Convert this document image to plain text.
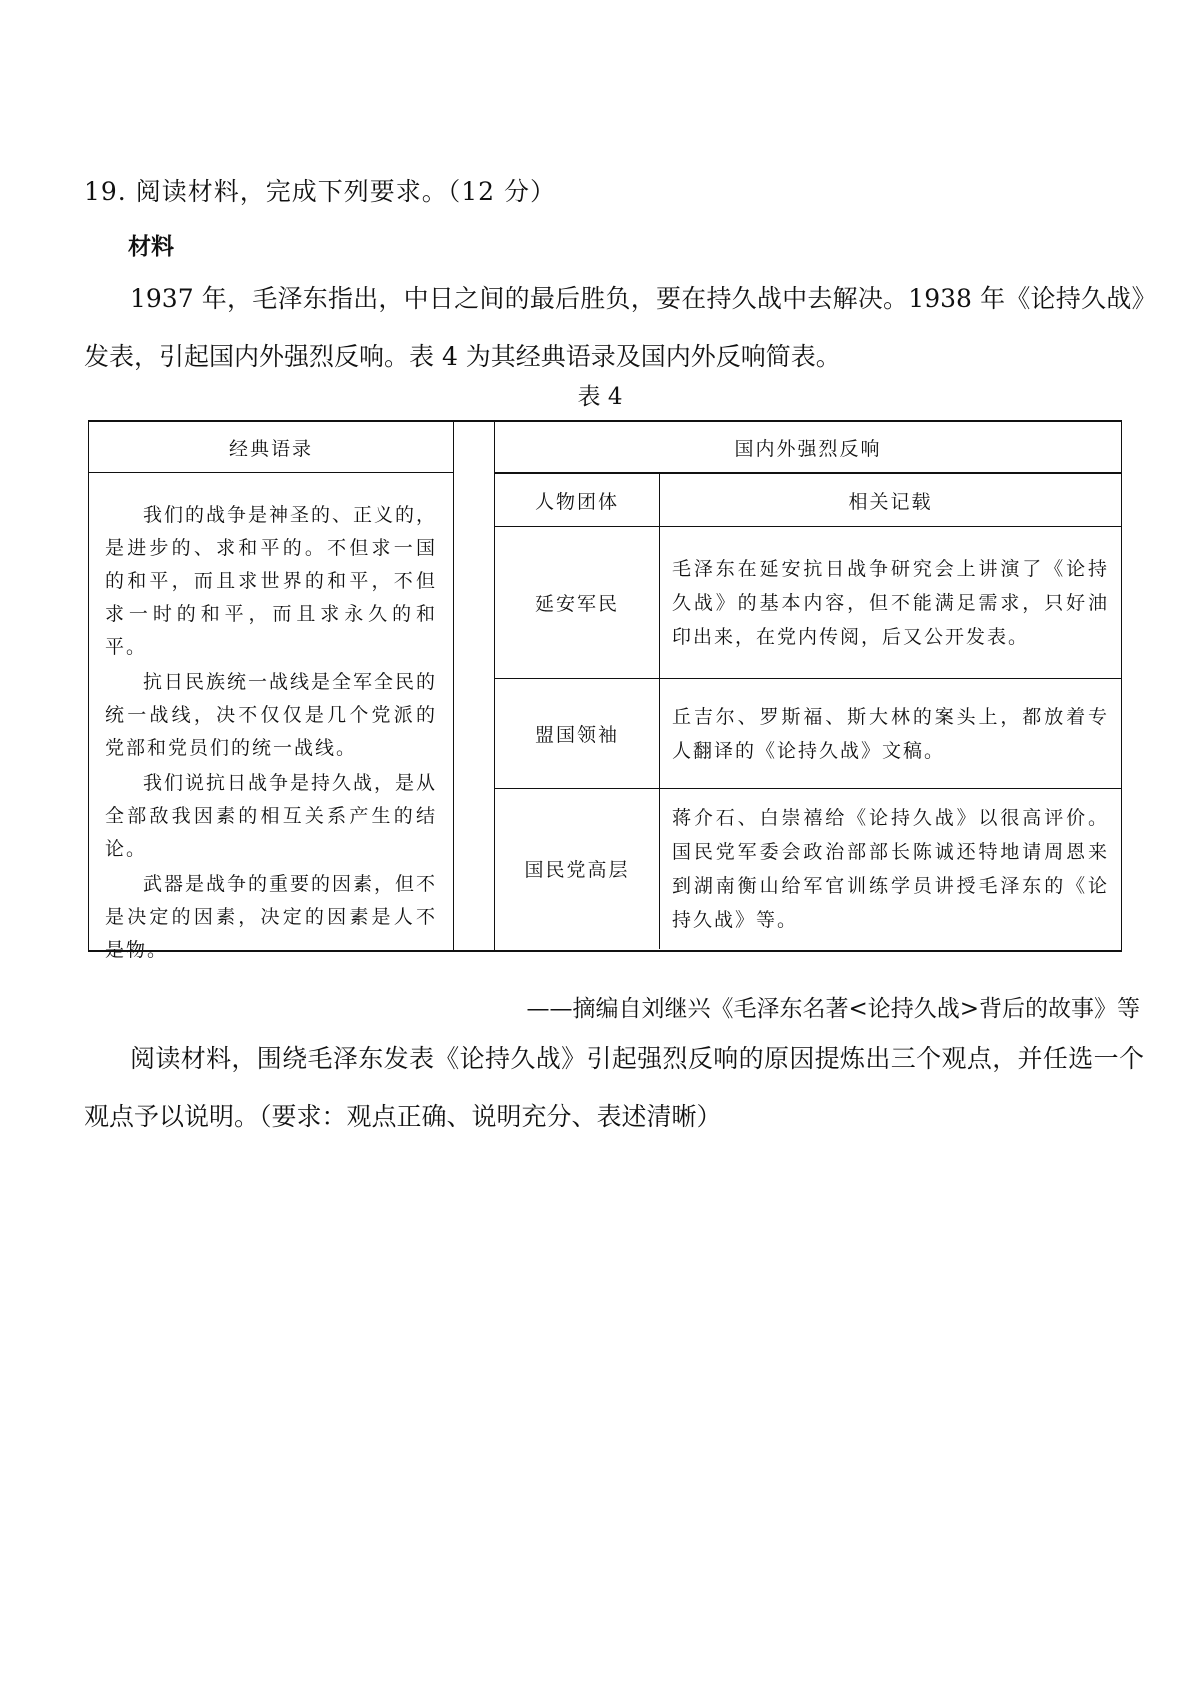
19. 阅读材料，完成下列要求。（12 分）
材料
1937 年，毛泽东指出，中日之间的最后胜负，要在持久战中去解决。1938 年《论持久战》发表，引起国内外强烈反响。表 4 为其经典语录及国内外反响简表。
表 4
经典语录

我们的战争是神圣的、正义的，是进步的、求和平的。不但求一国的和平，而且求世界的和平，不但求一时的和平，而且求永久的和平。

抗日民族统一战线是全军全民的统一战线，决不仅仅是几个党派的党部和党员们的统一战线。

我们说抗日战争是持久战，是从全部敌我因素的相互关系产生的结论。

武器是战争的重要的因素，但不是决定的因素，决定的因素是人不是物。

国内外强烈反响
人物团体	相关记载
延安军民	毛泽东在延安抗日战争研究会上讲演了《论持久战》的基本内容，但不能满足需求，只好油印出来，在党内传阅，后又公开发表。
盟国领袖	丘吉尔、罗斯福、斯大林的案头上，都放着专人翻译的《论持久战》文稿。
国民党高层	蒋介石、白崇禧给《论持久战》以很高评价。国民党军委会政治部部长陈诚还特地请周恩来到湖南衡山给军官训练学员讲授毛泽东的《论持久战》等。
——摘编自刘继兴《毛泽东名著<论持久战>背后的故事》等
阅读材料，围绕毛泽东发表《论持久战》引起强烈反响的原因提炼出三个观点，并任选一个观点予以说明。（要求：观点正确、说明充分、表述清晰）
